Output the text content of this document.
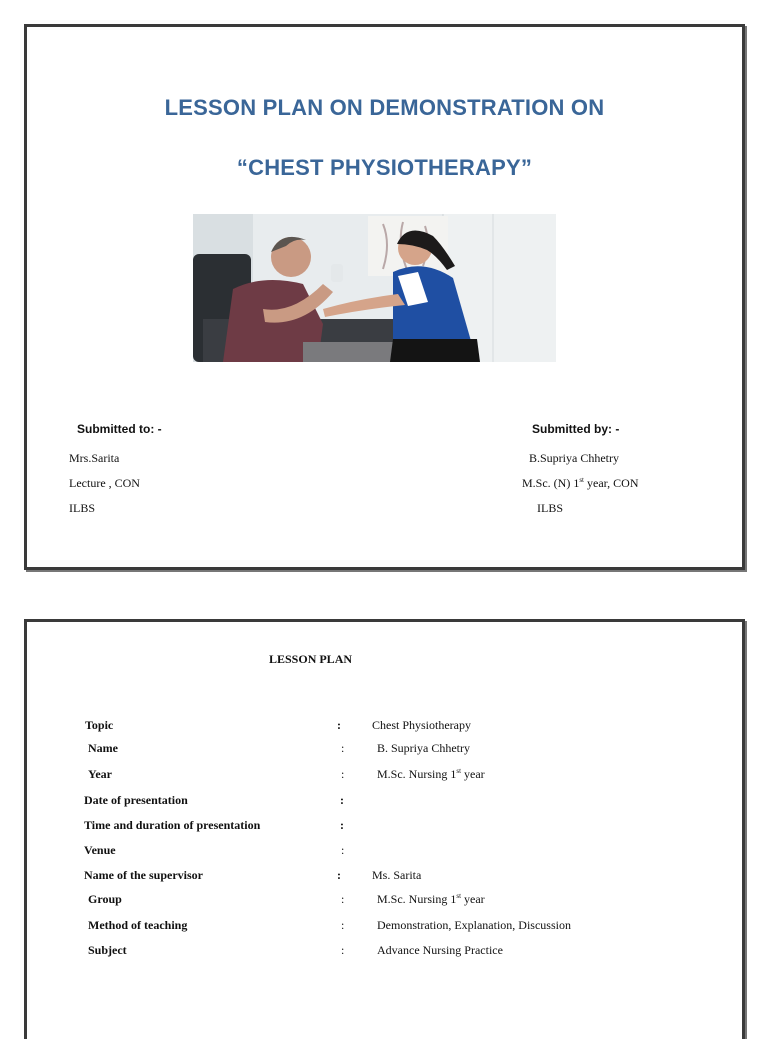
LESSON PLAN ON DEMONSTRATION ON
“CHEST PHYSIOTHERAPY”
Submitted to: -
Mrs.Sarita
Lecture , CON
ILBS
Submitted by: -
B.Supriya Chhetry
M.Sc. (N) 1st year, CON
ILBS
LESSON PLAN
Topic	:	Chest Physiotherapy
Name	:	B. Supriya Chhetry
Year	:	M.Sc. Nursing 1st year
Date of presentation	:
Time and duration of presentation	:
Venue	:
Name of the supervisor	:	Ms. Sarita
Group	:	M.Sc. Nursing 1st year
Method of teaching	:	Demonstration, Explanation, Discussion
Subject	:	Advance Nursing Practice
